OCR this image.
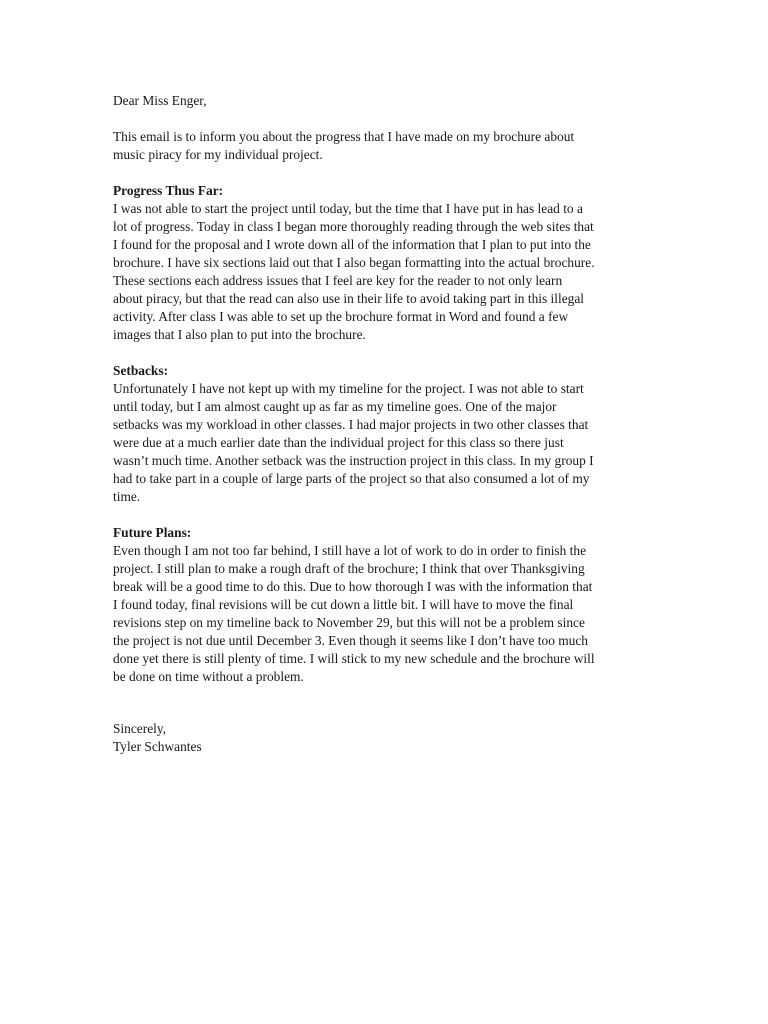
Dear Miss Enger,

This email is to inform you about the progress that I have made on my brochure about
music piracy for my individual project.

Progress Thus Far:

I was not able to start the project until today, but the time that I have put in has lead to a
lot of progress. Today in class I began more thoroughly reading through the web sites that
I found for the proposal and I wrote down all of the information that I plan to put into the
brochure. I have six sections laid out that I also began formatting into the actual brochure.
These sections each address issues that I feel are key for the reader to not only learn
about piracy, but that the read can also use in their life to avoid taking part in this illegal
activity. After class I was able to set up the brochure format in Word and found a few
images that I also plan to put into the brochure.

Setbacks:

Unfortunately I have not kept up with my timeline for the project. I was not able to start
until today, but I am almost caught up as far as my timeline goes. One of the major
setbacks was my workload in other classes. I had major projects in two other classes that
were due at a much earlier date than the individual project for this class so there just
wasn’t much time. Another setback was the instruction project in this class. In my group I
had to take part in a couple of large parts of the project so that also consumed a lot of my
time.

Future Plans:

Even though I am not too far behind, I still have a lot of work to do in order to finish the
project. I still plan to make a rough draft of the brochure; I think that over Thanksgiving
break will be a good time to do this. Due to how thorough I was with the information that
I found today, final revisions will be cut down a little bit. I will have to move the final
revisions step on my timeline back to November 29, but this will not be a problem since
the project is not due until December 3. Even though it seems like I don’t have too much
done yet there is still plenty of time. I will stick to my new schedule and the brochure will
be done on time without a problem.

Sincerely,

Tyler Schwantes
